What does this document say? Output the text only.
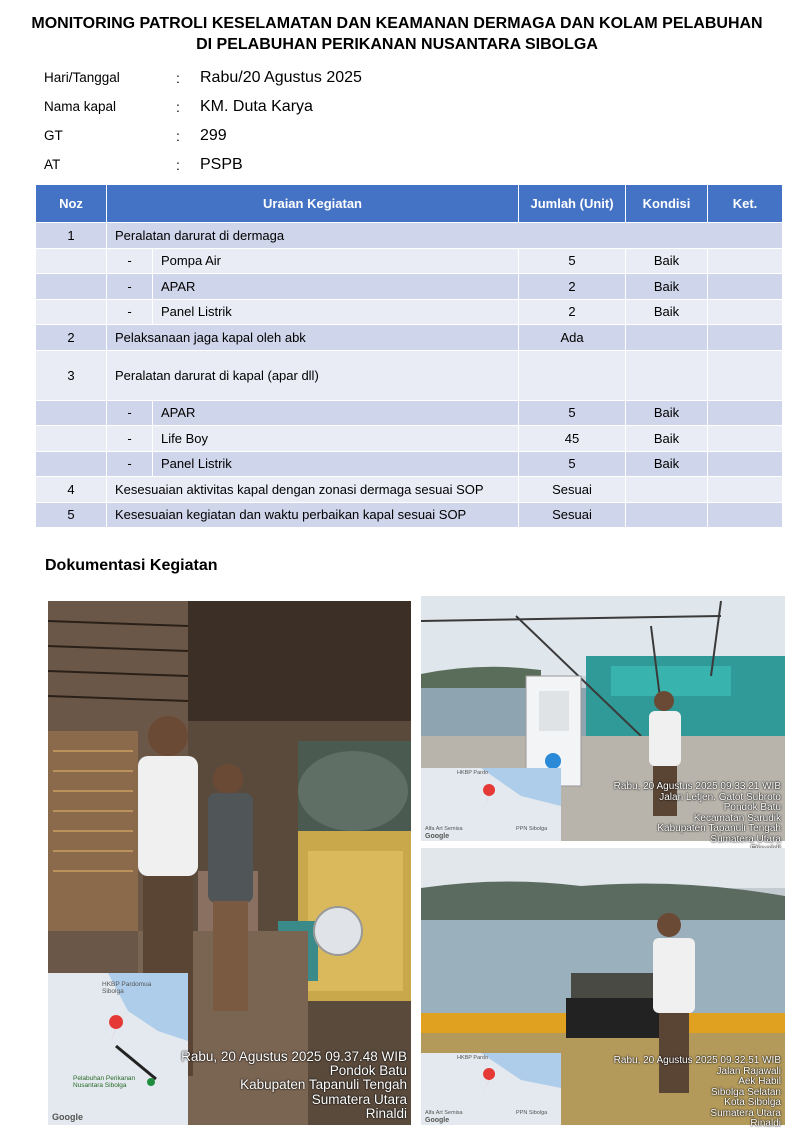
MONITORING PATROLI KESELAMATAN DAN KEAMANAN DERMAGA DAN KOLAM PELABUHAN
DI PELABUHAN PERIKANAN NUSANTARA SIBOLGA
Hari/Tanggal	: Rabu/20 Agustus 2025
Nama kapal	: KM. Duta Karya
GT	: 299
AT	: PSPB
Noz	Uraian Kegiatan		Jumlah (Unit)	Kondisi	Ket.
1	Peralatan darurat di dermaga				
	-	Pompa Air	5	Baik	
	-	APAR	2	Baik	
	-	Panel Listrik	2	Baik	
2	Pelaksanaan jaga kapal oleh abk		Ada		
3	Peralatan darurat di kapal (apar dll)				
	-	APAR	5	Baik	
	-	Life Boy	45	Baik	
	-	Panel Listrik	5	Baik	
4	Kesesuaian aktivitas kapal dengan zonasi dermaga sesuai SOP		Sesuai		
5	Kesesuaian kegiatan dan waktu perbaikan kapal sesuai SOP		Sesuai		
Dokumentasi Kegiatan
Rabu, 20 Agustus 2025 09.37.48 WIB
Pondok Batu
Kabupaten Tapanuli Tengah
Sumatera Utara
Rinaldi
HKBP Pardomua Sibolga
Pelabuhan Perikanan Nusantara Sibolga
Google
Rabu, 20 Agustus 2025 09.33.21 WIB
Jalan Letjen. Gatot Subroto
Pondok Batu
Kecamatan Sarudik
Kabupaten Tapanuli Tengah
Sumatera Utara
HKBP Pardo
Alfa Art Semisa	PPN Sibolga
Google
Rabu, 20 Agustus 2025 09.32.51 WIB
Jalan Rajawali
Aek Habil
Sibolga Selatan
Kota Sibolga
Sumatera Utara
Rinaldi
HKBP Pardo
Alfa Art Semisa	PPN Sibolga
Google
